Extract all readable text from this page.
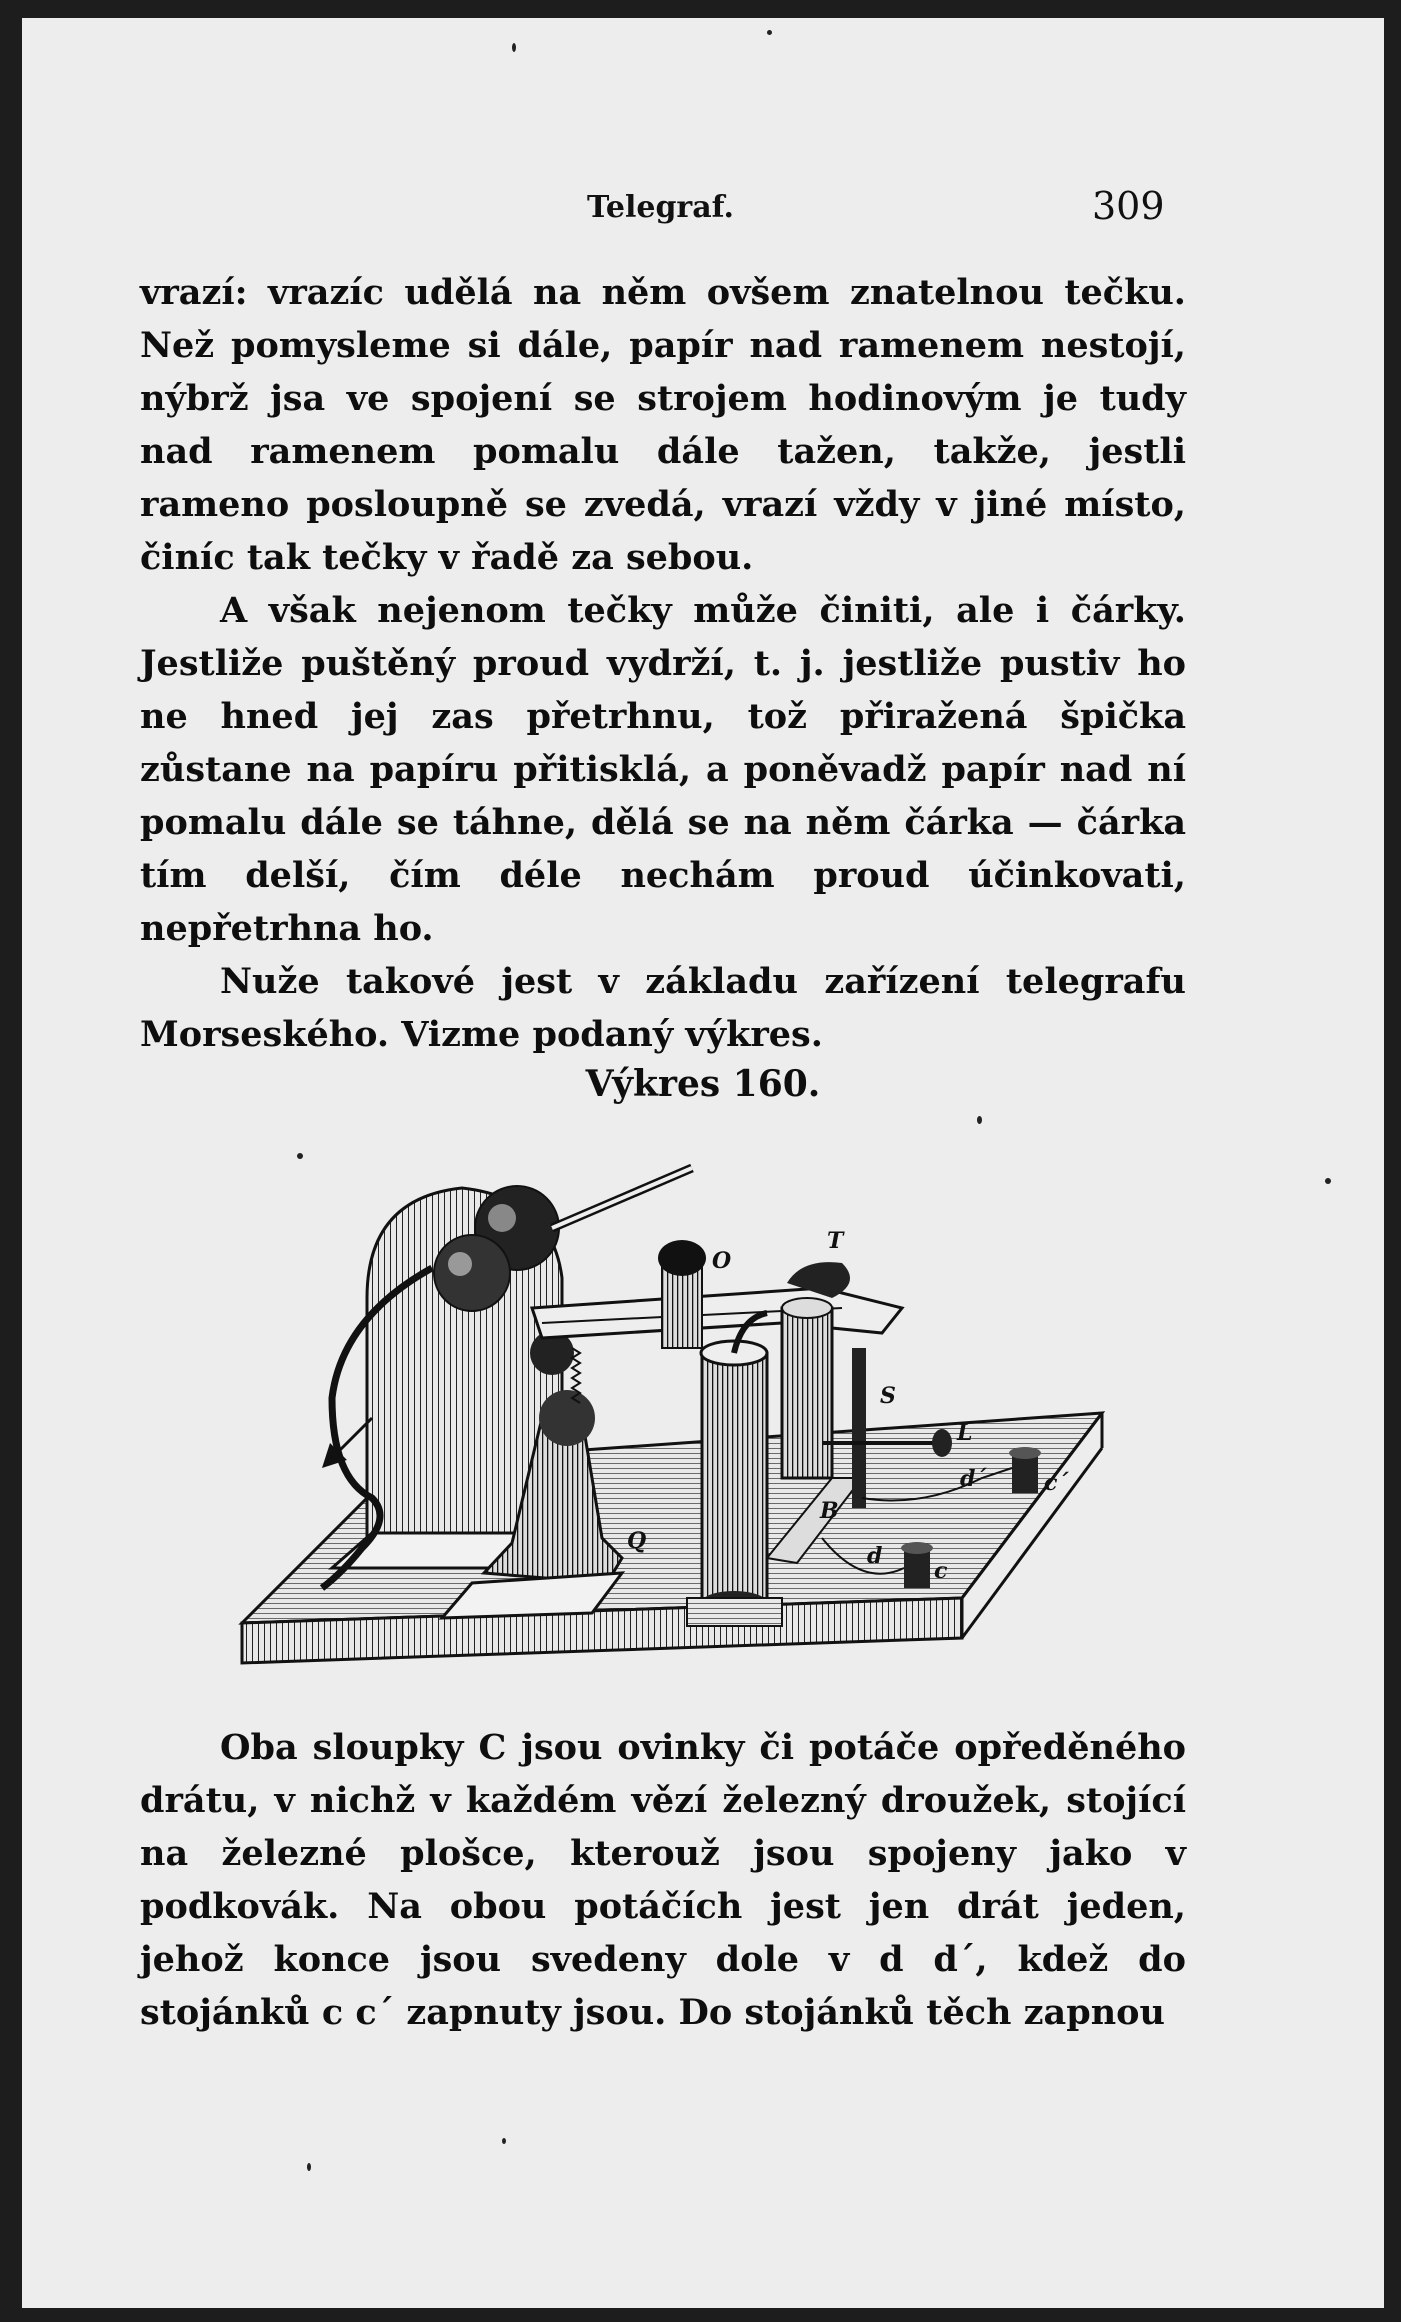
Telegraf.	309

vrazí: vrazíc udělá na něm ovšem znatelnou tečku. Než pomysleme si dále, papír nad ramenem nestojí, nýbrž jsa ve spojení se strojem hodinovým je tudy nad ramenem pomalu dále tažen, takže, jestli rameno posloupně se zvedá, vrazí vždy v jiné místo, činíc tak tečky v řadě za sebou.

A však nejenom tečky může činiti, ale i čárky. Jestliže puštěný proud vydrží, t. j. jestliže pustiv ho ne hned jej zas přetrhnu, tož přiražená špička zůstane na papíru přitisklá, a poněvadž papír nad ní pomalu dále se táhne, dělá se na něm čárka — čárka tím delší, čím déle nechám proud účinkovati, nepřetrhna ho.

Nuže takové jest v základu zařízení telegrafu Morseského. Vizme podaný výkres.

Výkres 160.
T
O
S
L
d´	c´
B
d
c
Q

Oba sloupky C jsou ovinky či potáče opředěného drátu, v nichž v každém vězí železný droužek, stojící na železné plošce, kterouž jsou spojeny jako v podkovák. Na obou potáčích jest jen drát jeden, jehož konce jsou svedeny dole v d d´, kdež do stojánků c c´ zapnuty jsou. Do stojánků těch zapnou
